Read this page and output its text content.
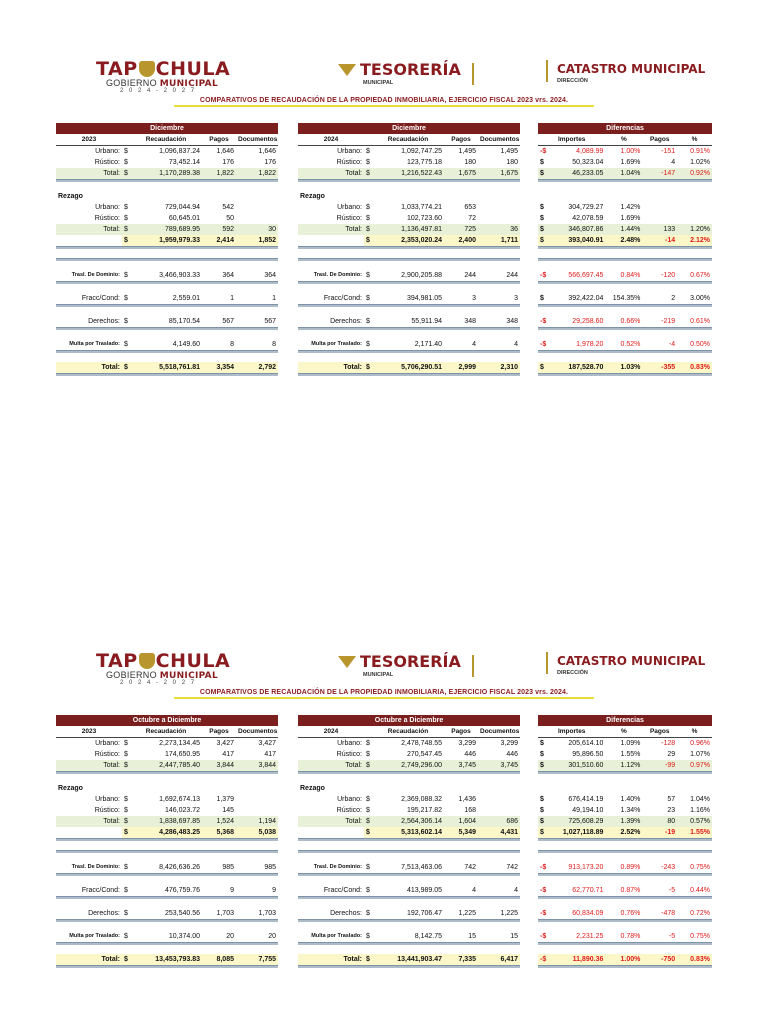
TAP CHULA
GOBIERNO MUNICIPAL
2 0 2 4 - 2 0 2 7
TESORERÍA
MUNICIPAL
CATASTRO MUNICIPAL
DIRECCIÓN
COMPARATIVOS DE RECAUDACIÓN DE LA PROPIEDAD INMOBILIARIA, EJERCICIO FISCAL 2023 vrs. 2024.
Diciembre				
2023		Recaudación	Pagos	Documentos
Urbano:	$	1,096,837.24	1,646	1,646
Rústico:	$	73,452.14	176	176
Total:	$	1,170,289.38	1,822	1,822

Rezago				
Urbano:	$	729,044.94	542	
Rústico:	$	60,645.01	50	
Total:	$	789,689.95	592	30
	$	1,959,979.33	2,414	1,852

Trasl. De Dominio:	$	3,466,903.33	364	364

Fracc/Cond:	$	2,559.01	1	1

Derechos:	$	85,170.54	567	567

Multa por Traslado:	$	4,149.60	8	8

Total:	$	5,518,761.81	3,354	2,792

Diciembre				
2024		Recaudación	Pagos	Documentos
Urbano:	$	1,092,747.25	1,495	1,495
Rústico:	$	123,775.18	180	180
Total:	$	1,216,522.43	1,675	1,675

Rezago				
Urbano:	$	1,033,774.21	653	
Rústico:	$	102,723.60	72	
Total:	$	1,136,497.81	725	36
	$	2,353,020.24	2,400	1,711

Trasl. De Dominio:	$	2,900,205.88	244	244

Fracc/Cond:	$	394,981.05	3	3

Derechos:	$	55,911.94	348	348

Multa por Traslado:	$	2,171.40	4	4

Total:	$	5,706,290.51	2,999	2,310

Diferencias				
Importes		%	Pagos	%
-$	4,089.99	1.00%	-151	0.91%
$	50,323.04	1.69%	4	1.02%
$	46,233.05	1.04%	-147	0.92%

$	304,729.27	1.42%		
$	42,078.59	1.69%		
$	346,807.86	1.44%	133	1.20%
$	393,040.91	2.48%	-14	2.12%

-$	566,697.45	0.84%	-120	0.67%

$	392,422.04	154.35%	2	3.00%

-$	29,258.60	0.66%	-219	0.61%

-$	1,978.20	0.52%	-4	0.50%

$	187,528.70	1.03%	-355	0.83%

TAP CHULA
GOBIERNO MUNICIPAL
2 0 2 4 - 2 0 2 7
TESORERÍA
MUNICIPAL
CATASTRO MUNICIPAL
DIRECCIÓN
COMPARATIVOS DE RECAUDACIÓN DE LA PROPIEDAD INMOBILIARIA, EJERCICIO FISCAL 2023 vrs. 2024.
Octubre a Diciembre				
2023		Recaudación	Pagos	Documentos
Urbano:	$	2,273,134.45	3,427	3,427
Rústico:	$	174,650.95	417	417
Total:	$	2,447,785.40	3,844	3,844

Rezago				
Urbano:	$	1,692,674.13	1,379	
Rústico:	$	146,023.72	145	
Total:	$	1,838,697.85	1,524	1,194
	$	4,286,483.25	5,368	5,038

Trasl. De Dominio:	$	8,426,636.26	985	985

Fracc/Cond:	$	476,759.76	9	9

Derechos:	$	253,540.56	1,703	1,703

Multa por Traslado:	$	10,374.00	20	20

Total:	$	13,453,793.83	8,085	7,755

Octubre a Diciembre				
2024		Recaudación	Pagos	Documentos
Urbano:	$	2,478,748.55	3,299	3,299
Rústico:	$	270,547.45	446	446
Total:	$	2,749,296.00	3,745	3,745

Rezago				
Urbano:	$	2,369,088.32	1,436	
Rústico:	$	195,217.82	168	
Total:	$	2,564,306.14	1,604	686
	$	5,313,602.14	5,349	4,431

Trasl. De Dominio:	$	7,513,463.06	742	742

Fracc/Cond:	$	413,989.05	4	4

Derechos:	$	192,706.47	1,225	1,225

Multa por Traslado:	$	8,142.75	15	15

Total:	$	13,441,903.47	7,335	6,417

Diferencias				
Importes		%	Pagos	%
$	205,614.10	1.09%	-128	0.96%
$	95,896.50	1.55%	29	1.07%
$	301,510.60	1.12%	-99	0.97%

$	676,414.19	1.40%	57	1.04%
$	49,194.10	1.34%	23	1.16%
$	725,608.29	1.39%	80	0.57%
$	1,027,118.89	2.52%	-19	1.55%

-$	913,173.20	0.89%	-243	0.75%

-$	62,770.71	0.87%	-5	0.44%

-$	60,834.09	0.76%	-478	0.72%

-$	2,231.25	0.78%	-5	0.75%

-$	11,890.36	1.00%	-750	0.83%
